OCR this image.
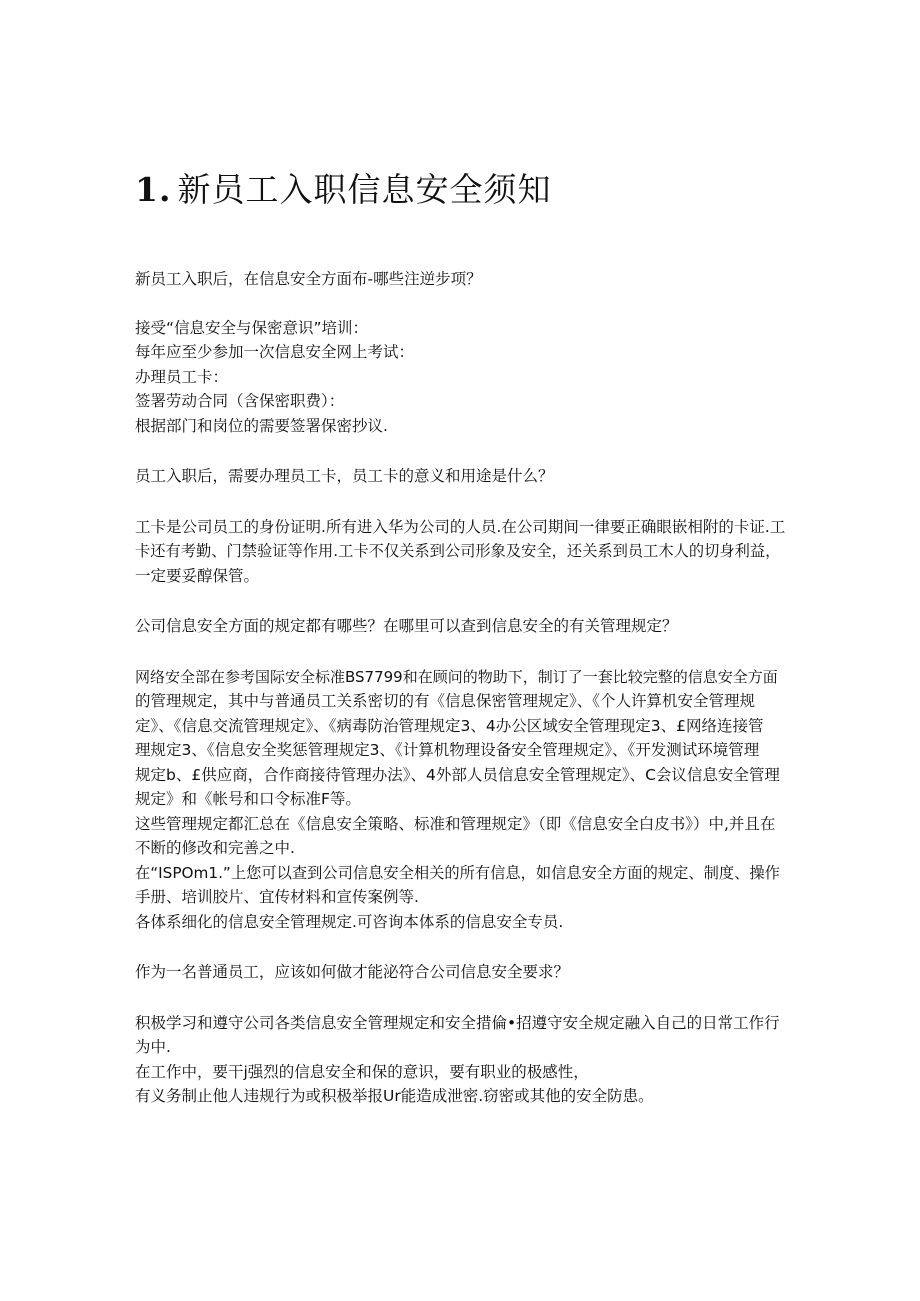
1. 新员工入职信息安全须知

新员工入职后，在信息安全方面布-哪些注逆步项？

接受“信息安全与保密意识”培训：

每年应至少参加一次信息安全网上考试：

办理员工卡：

签署劳动合同（含保密职费）：

根据部门和岗位的需要签署保密抄议.

员工入职后，需要办理员工卡，员工卡的意义和用途是什么？

工卡是公司员工的身份证明.所有进入华为公司的人员.在公司期间一律要正确眼嵌相附的卡证.工

卡还有考勤、门禁验证等作用.工卡不仅关系到公司形象及安全，还关系到员工木人的切身利益，

一定要妥醇保管。

公司信息安全方面的规定都有哪些？在哪里可以查到信息安全的有关管理规定？

网络安全部在参考国际安全标准BS7799和在顾问的物助下，制订了一套比较完整的信息安全方面

的管理规定，其中与普通员工关系密切的有《信息保密管理规定》、《个人许算机安全管理规

定》、《信息交流管理规定》、《病毒防治管理规定3、4办公区域安全管理现定3、£网络连接管

理规定3、《信息安全奖惩管理规定3、《计算机物理设备安全管理规定》、《开发测试环境管理

规定b、£供应商，合作商接待管理办法》、4外部人员信息安全管理规定》、C会议信息安全管理

规定》和《帐号和口令标准F等。

这些管理规定都汇总在《信息安全策略、标准和管理规定》（即《信息安全白皮书》）中,并且在

不断的修改和完善之中.

在“ISPOm1.”上您可以查到公司信息安全相关的所有信息，如信息安全方面的规定、制度、操作

手册、培训胶片、宜传材料和宣传案例等.

各体系细化的信息安全管理规定.可咨询本体系的信息安全专员.

作为一名普通员工，应该如何做才能泌符合公司信息安全要求？

积极学习和遵守公司各类信息安全管理规定和安全措倫•招遵守安全规定融入自己的日常工作行

为中.

在工作中，要干j强烈的信息安全和保的意识，要有职业的极感性，

有义务制止他人违规行为或积极举报Ur能造成泄密.窃密或其他的安全防患。
